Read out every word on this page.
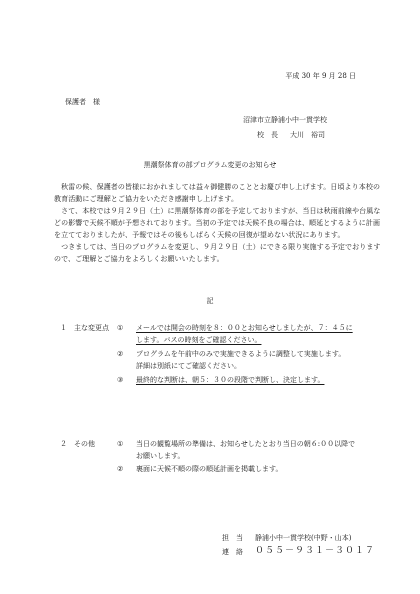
平成 30 年 9 月 28 日
保護者　様
沼津市立静浦小中一貫学校
校　長 大川　裕司
黒潮祭体育の部プログラム変更のお知らせ

　秋雷の候、保護者の皆様におかれましては益々御健勝のこととお慶び申し上げます。日頃より本校の教育活動にご理解とご協力をいただき感謝申し上げます。

　さて、本校では９月２９日（土）に黒潮祭体育の部を予定しておりますが、当日は秋雨前線や台風などの影響で天候不順が予想されております。当初の予定では天候不良の場合は、順延とするように計画を立てておりましたが、予報ではその後もしばらく天候の回復が望めない状況にあります。

　つきましては、当日のプログラムを変更し、９月２９日（土）にできる限り実施する予定でおりますので、ご理解とご協力をよろしくお願いいたします。

記
１　主な変更点 ① メールでは開会の時刻を８：００とお知らせしましたが、７：４５に
します。バスの時刻をご確認ください。
② プログラムを午前中のみで実施できるように調整して実施します。
詳細は別紙にてご確認ください。
③ 最終的な判断は、朝５：３０の段階で判断し、決定します。
２　その他	① 当日の観覧場所の準備は、お知らせしたとおり当日の朝６:００以降で
お願いします。
② 裏面に天候不順の際の順延計画を掲載します。
担　当 静浦小中一貫学校(中野・山本)
連　絡 ０５５－９３１－３０１７
